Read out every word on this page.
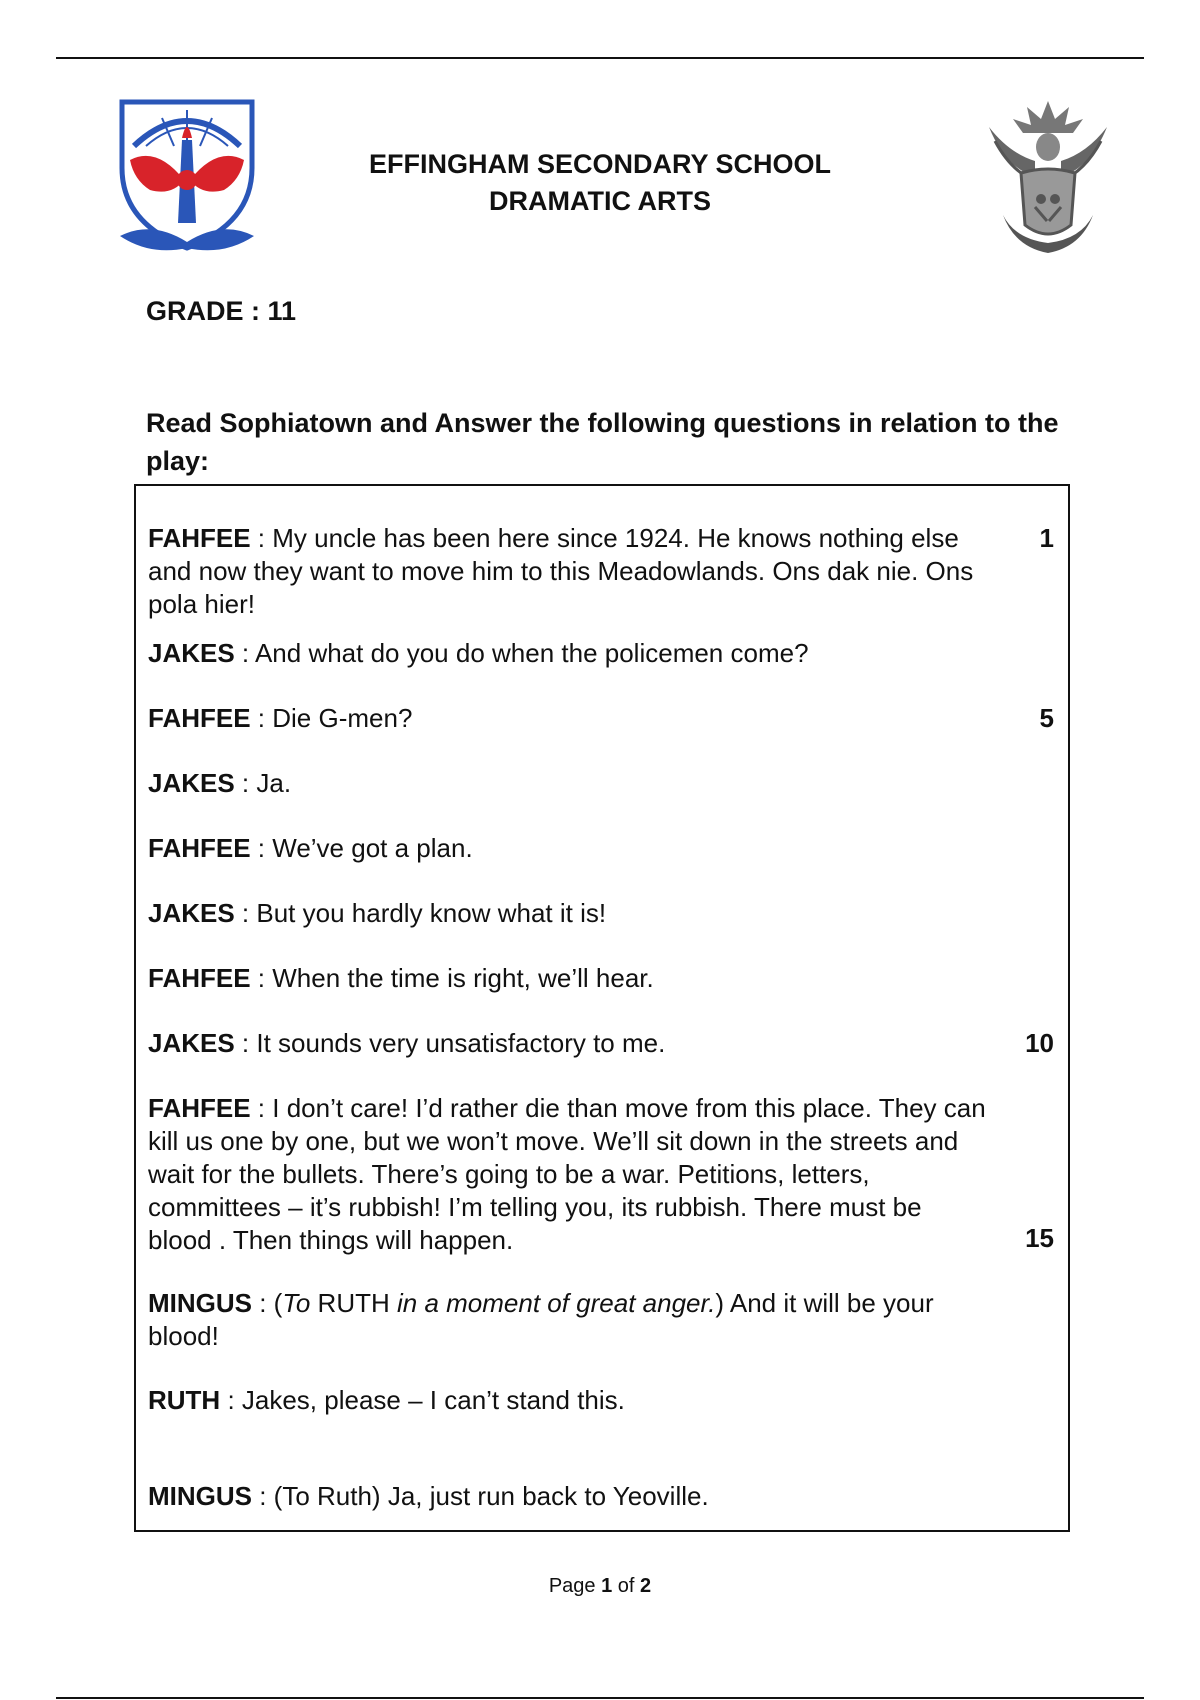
EFFINGHAM SECONDARY SCHOOL
DRAMATIC ARTS
GRADE : 11
Read Sophiatown and Answer the following questions in relation to the play:
FAHFEE : My uncle has been here since 1924. He knows nothing else and now they want to move him to this Meadowlands. Ons dak nie. Ons pola hier!
1
JAKES : And what do you do when the policemen come?
FAHFEE : Die G-men?	5
JAKES : Ja.
FAHFEE : We’ve got a plan.
JAKES : But you hardly know what it is!
FAHFEE : When the time is right, we’ll hear.
JAKES : It sounds very unsatisfactory to me.	10
FAHFEE : I don’t care! I’d rather die than move from this place. They can kill us one by one, but we won’t move. We’ll sit down in the streets and wait for the bullets. There’s going to be a war. Petitions, letters, committees – it’s rubbish! I’m telling you, its rubbish. There must be blood . Then things will happen.	15
MINGUS : (To RUTH in a moment of great anger.) And it will be your blood!
RUTH : Jakes, please – I can’t stand this.
MINGUS : (To Ruth) Ja, just run back to Yeoville.
Page 1 of 2
